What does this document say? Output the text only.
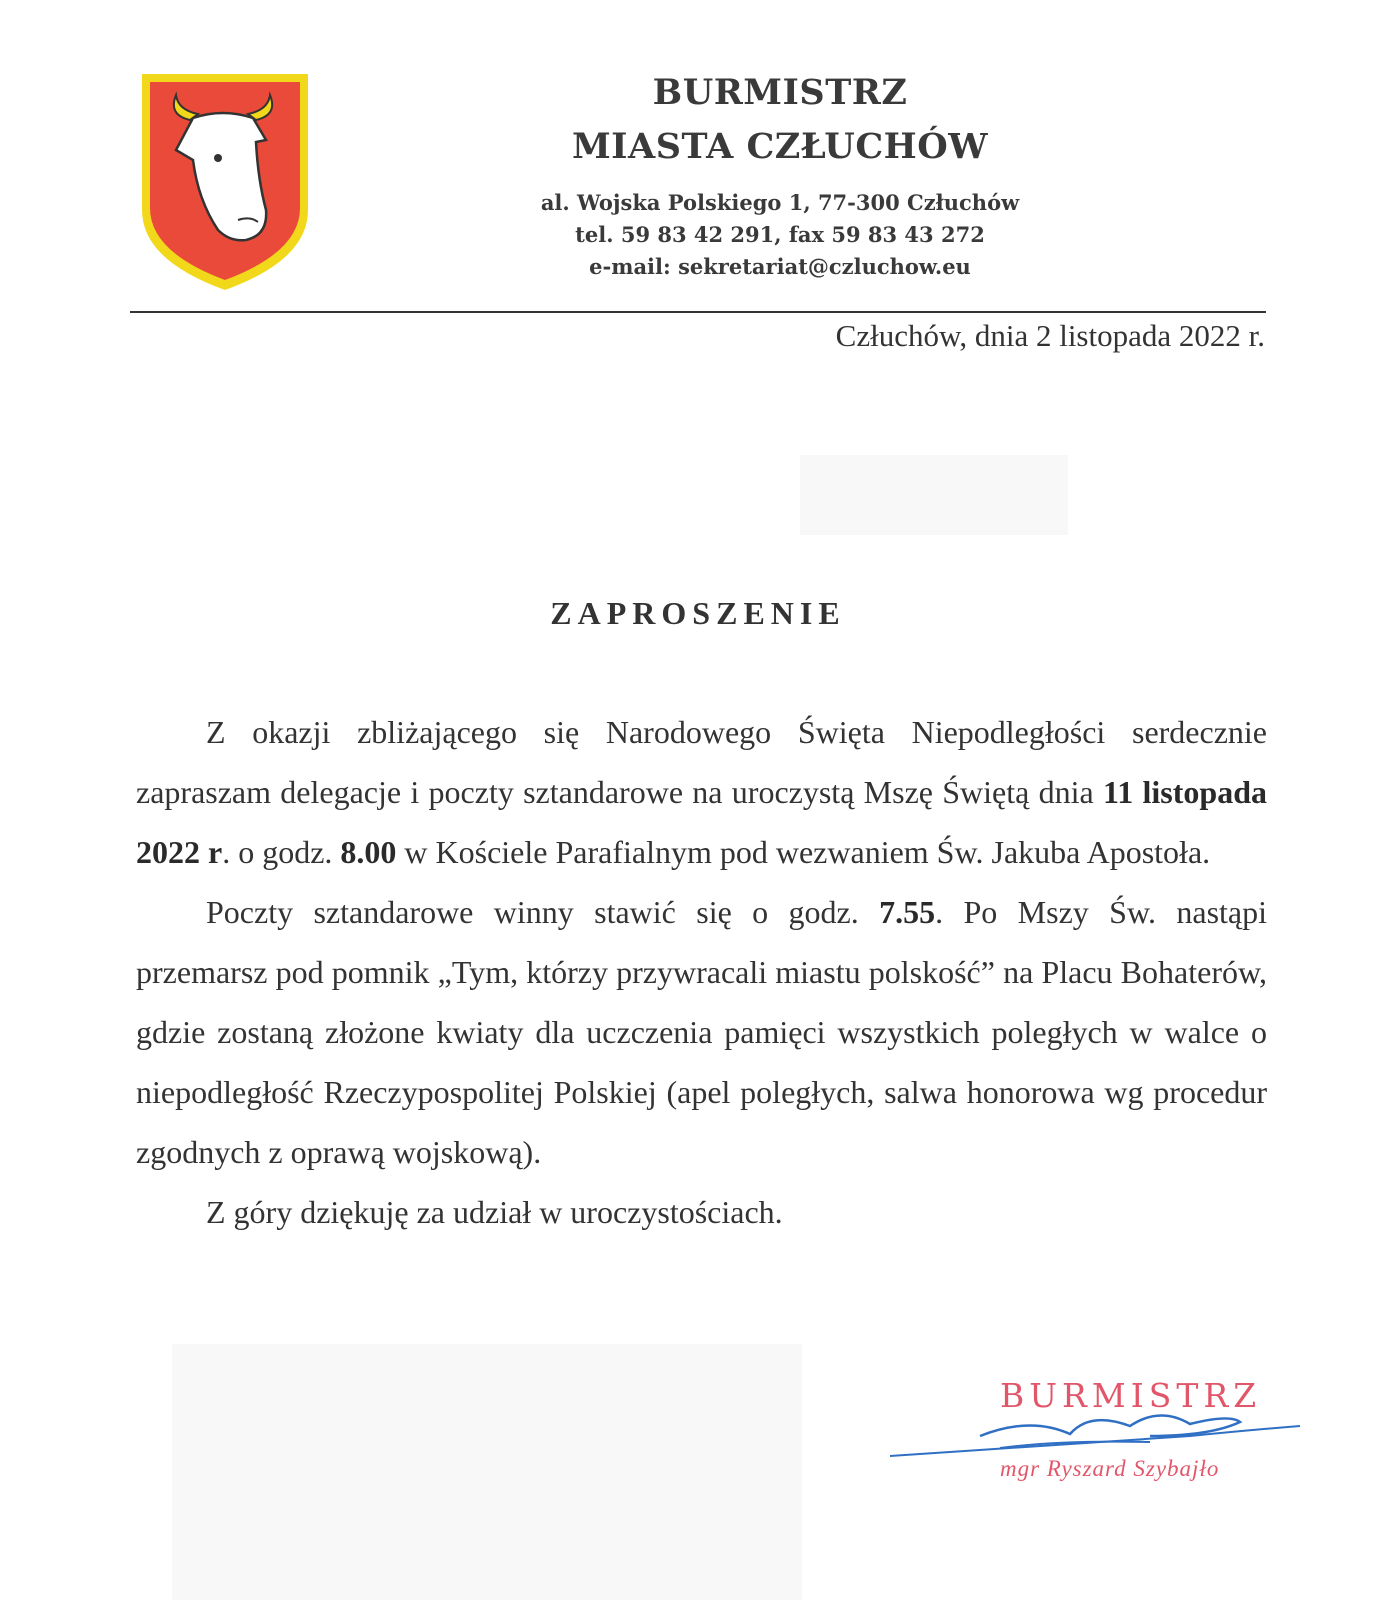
BURMISTRZ
MIASTA CZŁUCHÓW
al. Wojska Polskiego 1, 77-300 Człuchów
tel. 59 83 42 291, fax 59 83 43 272
e-mail: sekretariat@czluchow.eu
Człuchów, dnia 2 listopada 2022 r.
ZAPROSZENIE

Z okazji zbliżającego się Narodowego Święta Niepodległości serdecznie zapraszam delegacje i poczty sztandarowe na uroczystą Mszę Świętą dnia 11 listopada 2022 r. o godz. 8.00 w Kościele Parafialnym pod wezwaniem Św. Jakuba Apostoła.

Poczty sztandarowe winny stawić się o godz. 7.55. Po Mszy Św. nastąpi przemarsz pod pomnik „Tym, którzy przywracali miastu polskość” na Placu Bohaterów, gdzie zostaną złożone kwiaty dla uczczenia pamięci wszystkich poległych w walce o niepodległość Rzeczypospolitej Polskiej (apel poległych, salwa honorowa wg procedur zgodnych z oprawą wojskową).

Z góry dziękuję za udział w uroczystościach.

BURMISTRZ
mgr Ryszard Szybajło
